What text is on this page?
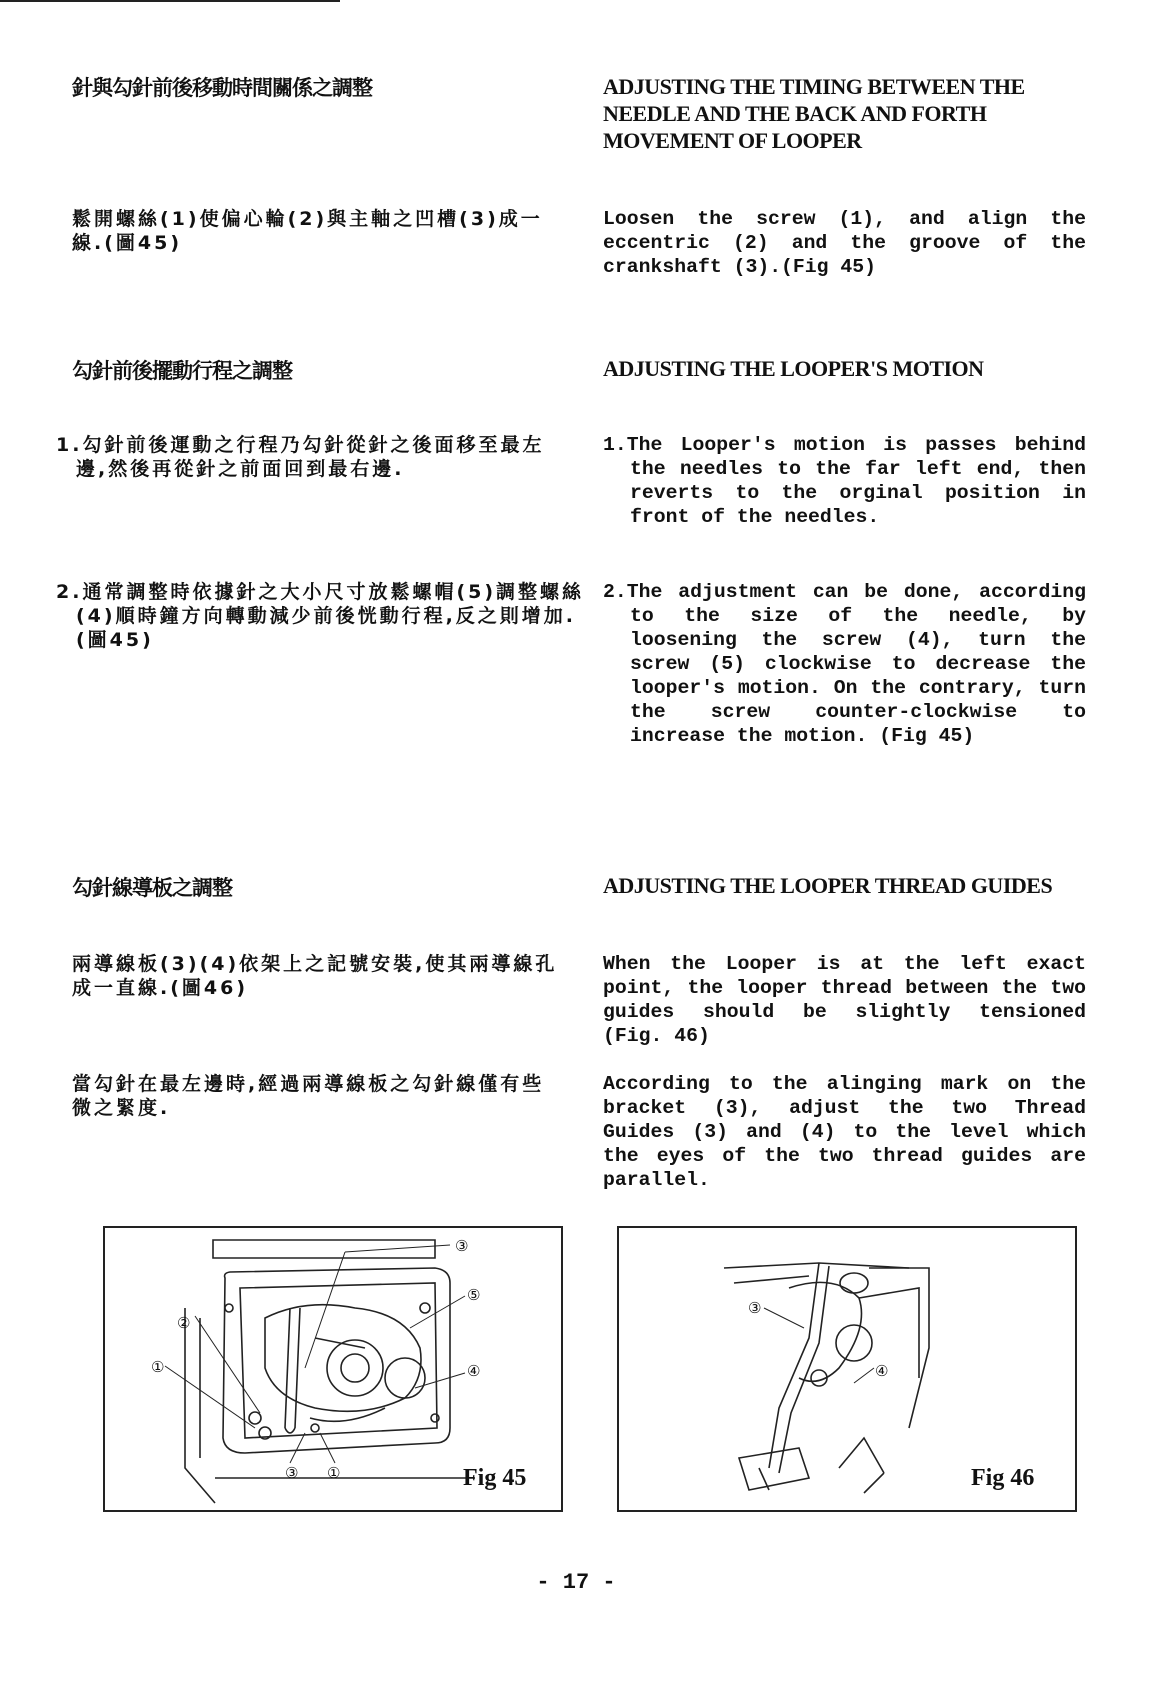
針與勾針前後移動時間關係之調整	ADJUSTING THE TIMING BETWEEN THE NEEDLE AND THE BACK AND FORTH MOVEMENT OF LOOPER
鬆開螺絲(1)使偏心輪(2)與主軸之凹槽(3)成一線.(圖45)
Loosen the screw (1), and align the eccentric (2) and the groove of the crankshaft (3).(Fig 45)
勾針前後擺動行程之調整	ADJUSTING THE LOOPER'S MOTION
1.勾針前後運動之行程乃勾針從針之後面移至最左邊,然後再從針之前面回到最右邊.
1.The Looper's motion is passes behind the needles to the far left end, then reverts to the orginal position in front of the needles.
2.通常調整時依據針之大小尺寸放鬆螺帽(5)調整螺絲(4)順時鐘方向轉動減少前後恍動行程,反之則增加.(圖45)
2.The adjustment can be done, according to the size of the needle, by loosening the screw (4), turn the screw (5) clockwise to decrease the looper's motion. On the contrary, turn the screw counter-clockwise to increase the motion. (Fig 45)
勾針線導板之調整	ADJUSTING THE LOOPER THREAD GUIDES
兩導線板(3)(4)依架上之記號安裝,使其兩導線孔成一直線.(圖46)
When the Looper is at the left exact point, the looper thread between the two guides should be slightly tensioned (Fig. 46)
當勾針在最左邊時,經過兩導線板之勾針線僅有些微之緊度.
According to the alinging mark on the bracket (3), adjust the two Thread Guides (3) and (4) to the level which the eyes of the two thread guides are parallel.
③
⑤
②
①	④
③ ①	Fig 45
③
④
Fig 46
- 17 -
